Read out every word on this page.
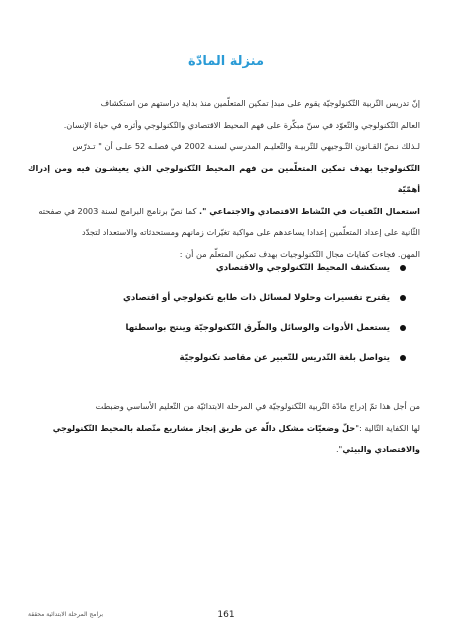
منزلة المادّة

إنّ تدريس التّربية التّكنولوجيّة يقوم على مبدإ تمكين المتعلّمين منذ بداية دراستهم من استكشاف
العالم التّكنولوجي والتّعوّد في سنّ مبكّرة على فهم المحيط الاقتصادي والتّكنولوجي وأثره في حياة الإنسان.
لـذلك نـصّ القـانون التّـوجيهي للتّربيـة والتّعليـم المدرسي لسنـة 2002 في فصلـه 52 علـى أن " تـدرّس
التّكنولوجيا بهدف تمكين المتعلّمين من فهم المحيط التّكنولوجي الذي يعيشـون فيه ومن إدراك أهمّيّة
استعمال التّقنيات في النّشاط الاقتصادي والاجتماعي ". كما نصّ برنامج البرامج لسنة 2003 في صفحته
الثّانية على إعداد المتعلّمين إعدادا يساعدهم على مواكبة تغيّرات زمانهم ومستحدثاته والاستعداد لتجدّد
المهن. فجاءت كفايات مجال التّكنولوجيات بهدف تمكين المتعلّم من أن :

يستكشف المحيط التّكنولوجي والاقتصادي
يقترح تفسيرات وحلولا لمسائل ذات طابع تكنولوجي أو اقتصادي
يستعمل الأدوات والوسائل والطّرق التّكنولوجيّة وينتج بواسطتها
يتواصل بلغة التّدريس للتّعبير عن مقاصد تكنولوجيّة

من أجل هذا تمّ إدراج مادّة التّربية التّكنولوجيّة في المرحلة الابتدائيّة من التّعليم الأساسي وضبطت
لها الكفاية التّالية :"حلّ وضعيّات مشكل دالّة عن طريق إنجاز مشاريع متّصلة بالمحيط التّكنولوجي
والاقتصادي والبيئي".

161
برامج المرحلة الابتدائية محققة
